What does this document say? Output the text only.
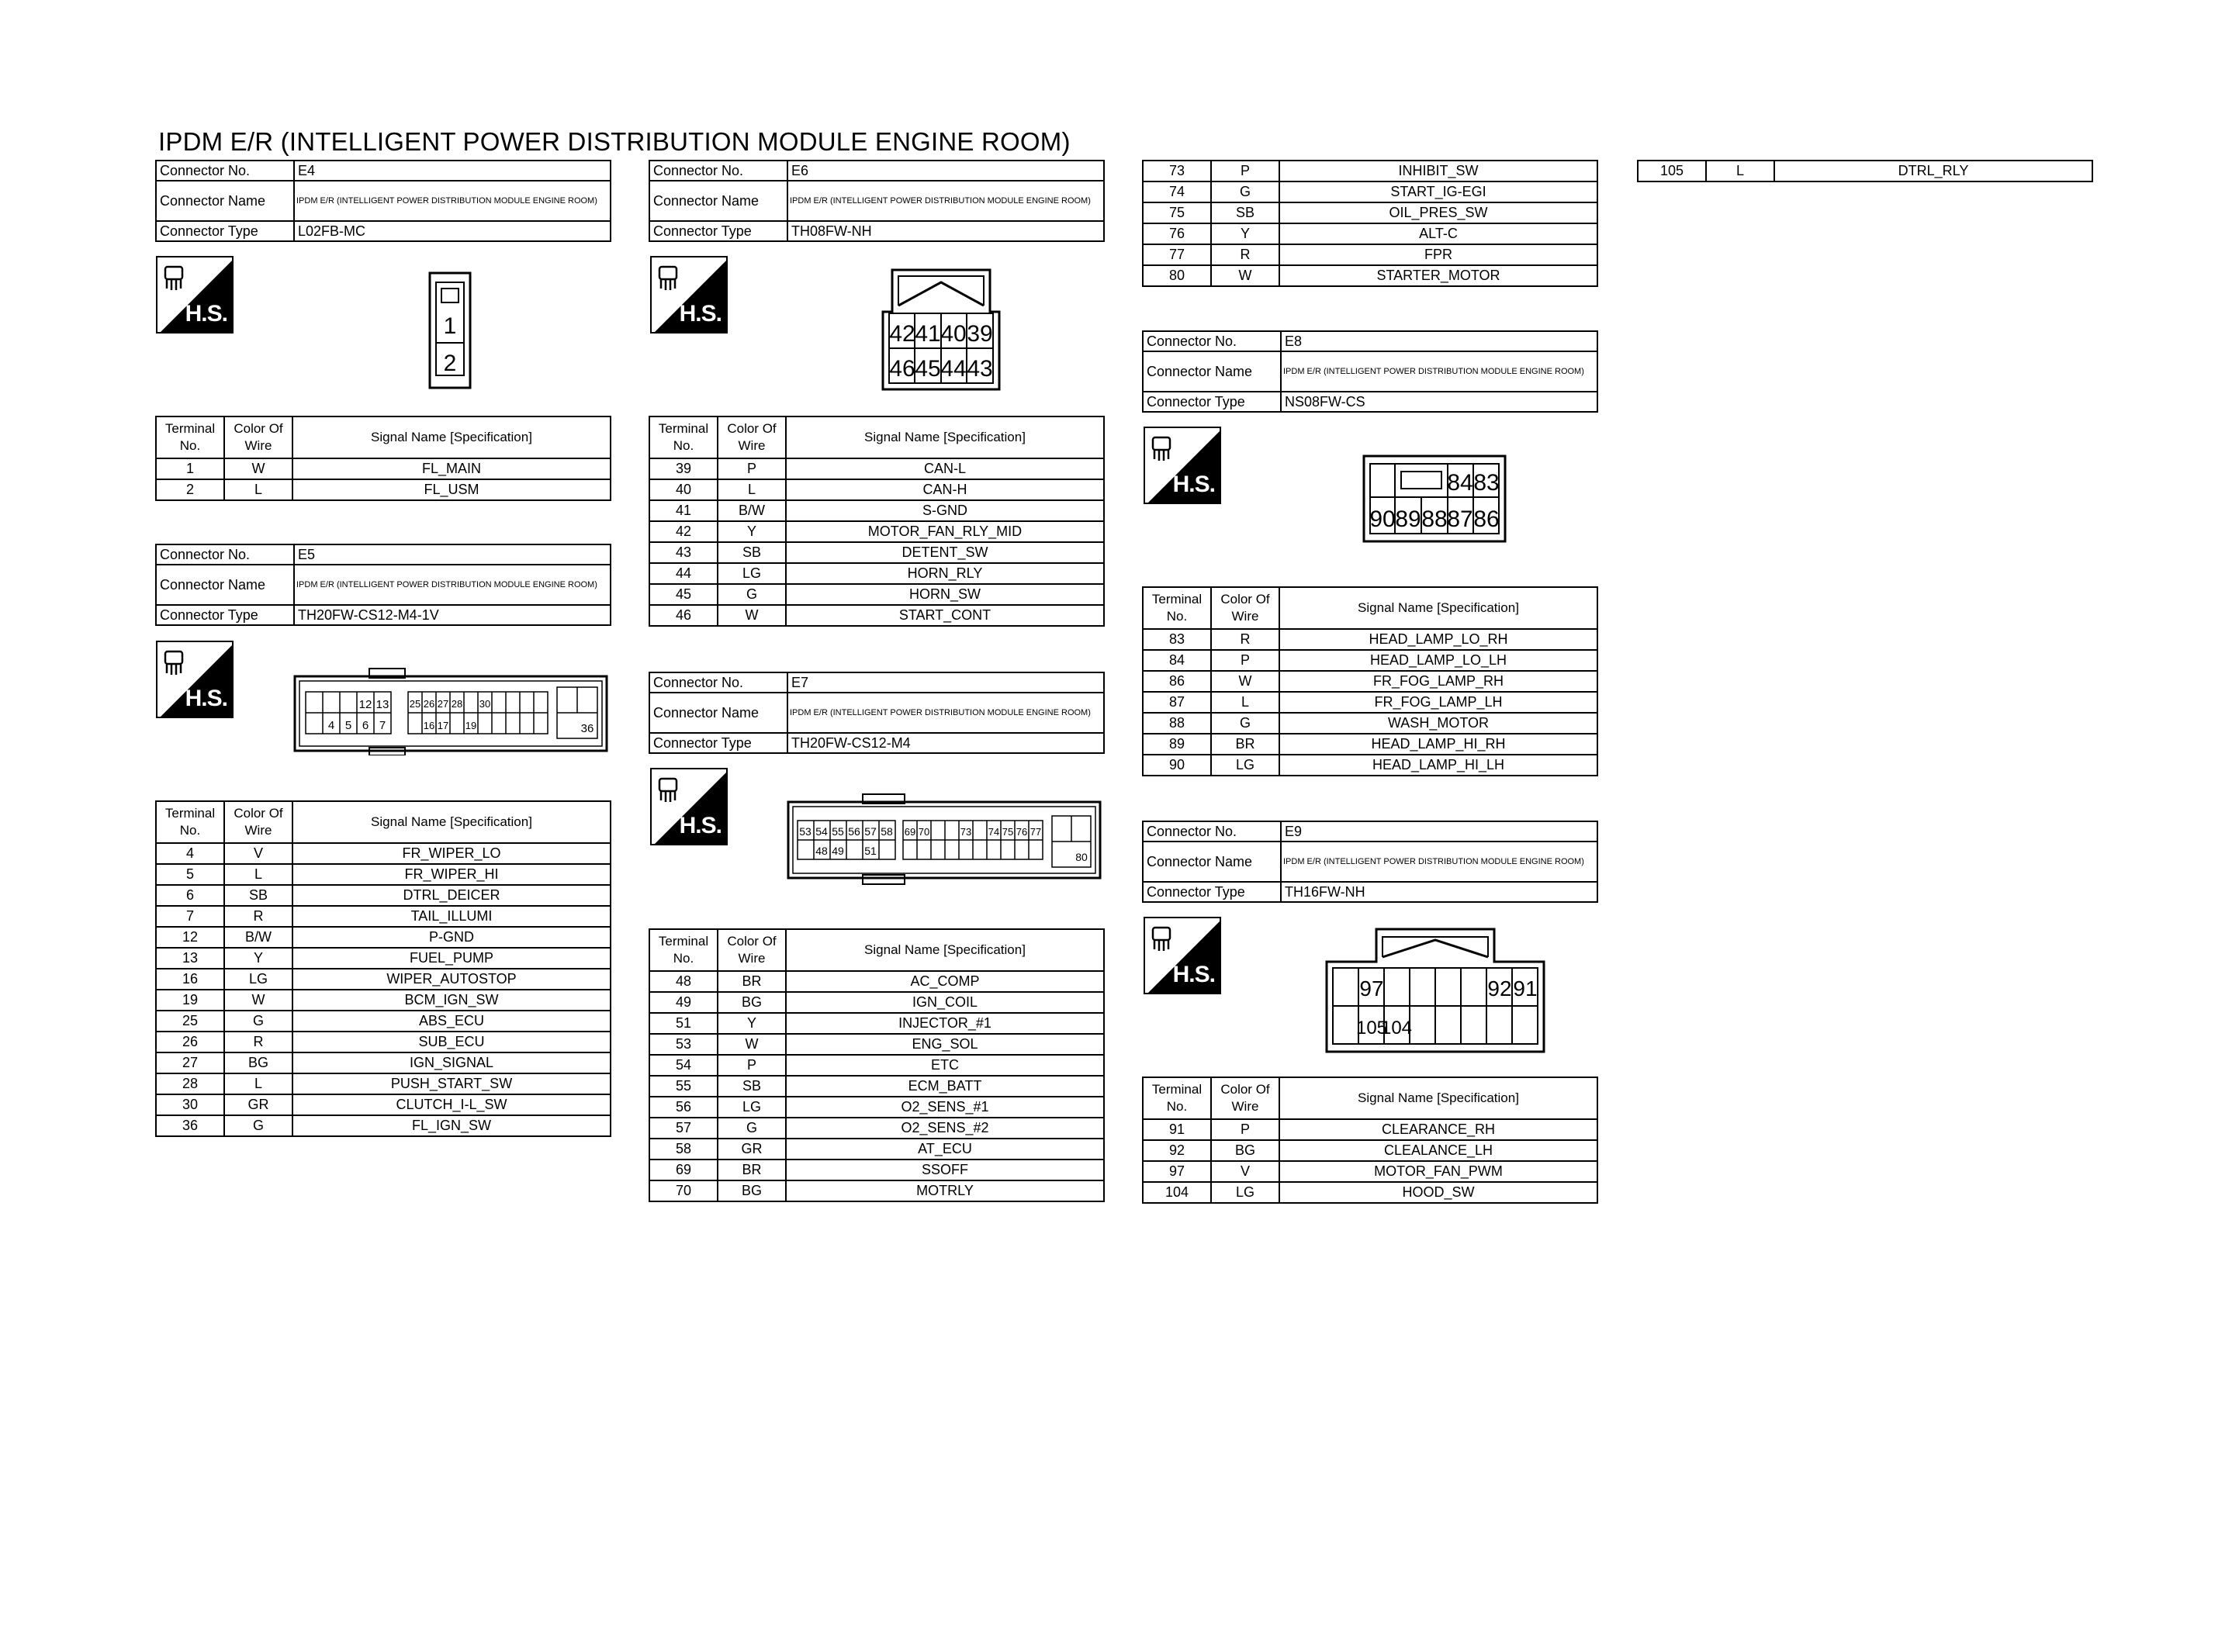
IPDM E/R (INTELLIGENT POWER DISTRIBUTION MODULE ENGINE ROOM)
Connector No.	E4
Connector Name	IPDM E/R (INTELLIGENT POWER DISTRIBUTION MODULE ENGINE ROOM)
Connector Type	L02FB-MC
H.S.	1
2
Terminal No.	Color Of Wire	Signal Name [Specification]
1	W	FL_MAIN
2	L	FL_USM
Connector No.	E5
Connector Name	IPDM E/R (INTELLIGENT POWER DISTRIBUTION MODULE ENGINE ROOM)
Connector Type	TH20FW-CS12-M4-1V
H.S.	12 13 25 26 27 28 30
4 5 6 7	16 17 19	36
Terminal No.	Color Of Wire	Signal Name [Specification]
4	V	FR_WIPER_LO
5	L	FR_WIPER_HI
6	SB	DTRL_DEICER
7	R	TAIL_ILLUMI
12	B/W	P-GND
13	Y	FUEL_PUMP
16	LG	WIPER_AUTOSTOP
19	W	BCM_IGN_SW
25	G	ABS_ECU
26	R	SUB_ECU
27	BG	IGN_SIGNAL
28	L	PUSH_START_SW
30	GR	CLUTCH_I-L_SW
36	G	FL_IGN_SW
Connector No.	E6
Connector Name	IPDM E/R (INTELLIGENT POWER DISTRIBUTION MODULE ENGINE ROOM)
Connector Type	TH08FW-NH
H.S.
42 41 40 39
46 45 44 43
Terminal No.	Color Of Wire	Signal Name [Specification]
39	P	CAN-L
40	L	CAN-H
41	B/W	S-GND
42	Y	MOTOR_FAN_RLY_MID
43	SB	DETENT_SW
44	LG	HORN_RLY
45	G	HORN_SW
46	W	START_CONT
Connector No.	E7
Connector Name	IPDM E/R (INTELLIGENT POWER DISTRIBUTION MODULE ENGINE ROOM)
Connector Type	TH20FW-CS12-M4
H.S.	53 54 55 56 57 58 69 70	73 74 75 76 77
48 49 51	80
Terminal No.	Color Of Wire	Signal Name [Specification]
48	BR	AC_COMP
49	BG	IGN_COIL
51	Y	INJECTOR_#1
53	W	ENG_SOL
54	P	ETC
55	SB	ECM_BATT
56	LG	O2_SENS_#1
57	G	O2_SENS_#2
58	GR	AT_ECU
69	BR	SSOFF
70	BG	MOTRLY
73	P	INHIBIT_SW
74	G	START_IG-EGI
75	SB	OIL_PRES_SW
76	Y	ALT-C
77	R	FPR
80	W	STARTER_MOTOR
Connector No.	E8
Connector Name	IPDM E/R (INTELLIGENT POWER DISTRIBUTION MODULE ENGINE ROOM)
Connector Type	NS08FW-CS
H.S.	84 83
90 89 88 87 86
Terminal No.	Color Of Wire	Signal Name [Specification]
83	R	HEAD_LAMP_LO_RH
84	P	HEAD_LAMP_LO_LH
86	W	FR_FOG_LAMP_RH
87	L	FR_FOG_LAMP_LH
88	G	WASH_MOTOR
89	BR	HEAD_LAMP_HI_RH
90	LG	HEAD_LAMP_HI_LH
Connector No.	E9
Connector Name	IPDM E/R (INTELLIGENT POWER DISTRIBUTION MODULE ENGINE ROOM)
Connector Type	TH16FW-NH
H.S.
97	92 91
105
104
Terminal No.	Color Of Wire	Signal Name [Specification]
91	P	CLEARANCE_RH
92	BG	CLEALANCE_LH
97	V	MOTOR_FAN_PWM
104	LG	HOOD_SW
105	L	DTRL_RLY
